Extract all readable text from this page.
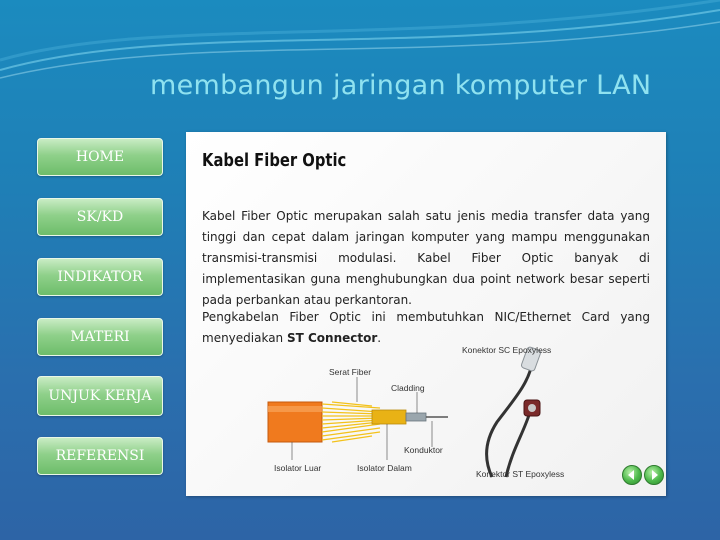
membangun jaringan komputer LAN
HOME
SK/KD
INDIKATOR
MATERI
UNJUK KERJA
REFERENSI
Kabel Fiber Optic
Kabel Fiber Optic merupakan salah satu jenis media transfer data yang tinggi dan cepat dalam jaringan komputer yang mampu menggunakan transmisi-transmisi modulasi. Kabel Fiber Optic banyak di implementasikan guna menghubungkan dua point network besar seperti pada perbankan atau perkantoran.
Pengkabelan Fiber Optic ini membutuhkan NIC/Ethernet Card yang menyediakan ST Connector.
Konektor SC Epoxyless
Serat Fiber
Cladding
Konduktor
Isolator Luar	Isolator Dalam
Konektor ST Epoxyless
